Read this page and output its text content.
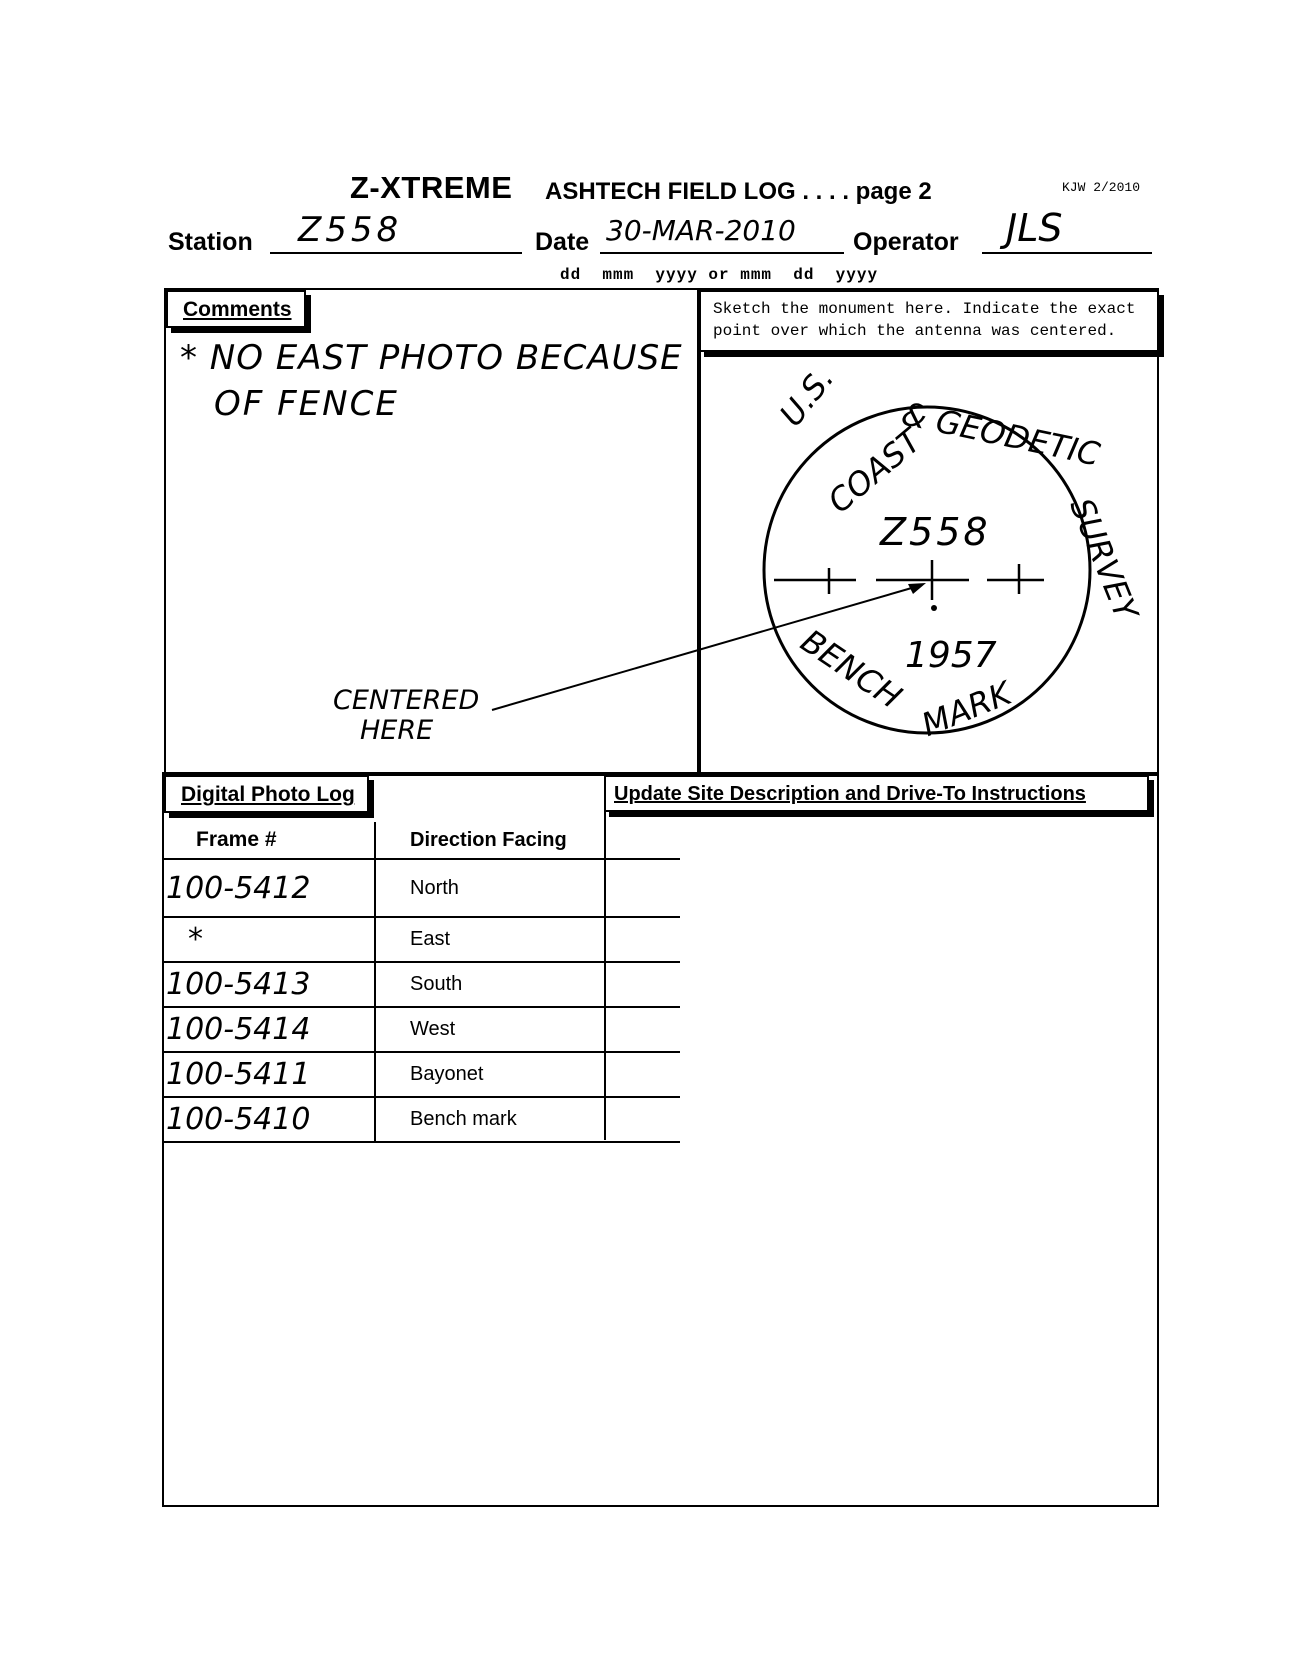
Z-XTREME ASHTECH FIELD LOG . . . . page 2	KJW 2/2010
Station Z558	Date 30-MAR-2010 Operator JLS
dd  mmm  yyyy or mmm  dd  yyyy
Comments
* NO EAST PHOTO BECAUSE
OF FENCE
Sketch the monument here. Indicate the exact point over which the antenna was centered.
U.S.
COAST
& GEODETIC
SURVEY
Z558
1957
BENCH MARK
CENTERED
HERE
Digital Photo Log
Frame #	Direction Facing
100-5412	North
*	East
100-5413	South
100-5414	West
100-5411	Bayonet
100-5410	Bench mark
Update Site Description and Drive-To Instructions
